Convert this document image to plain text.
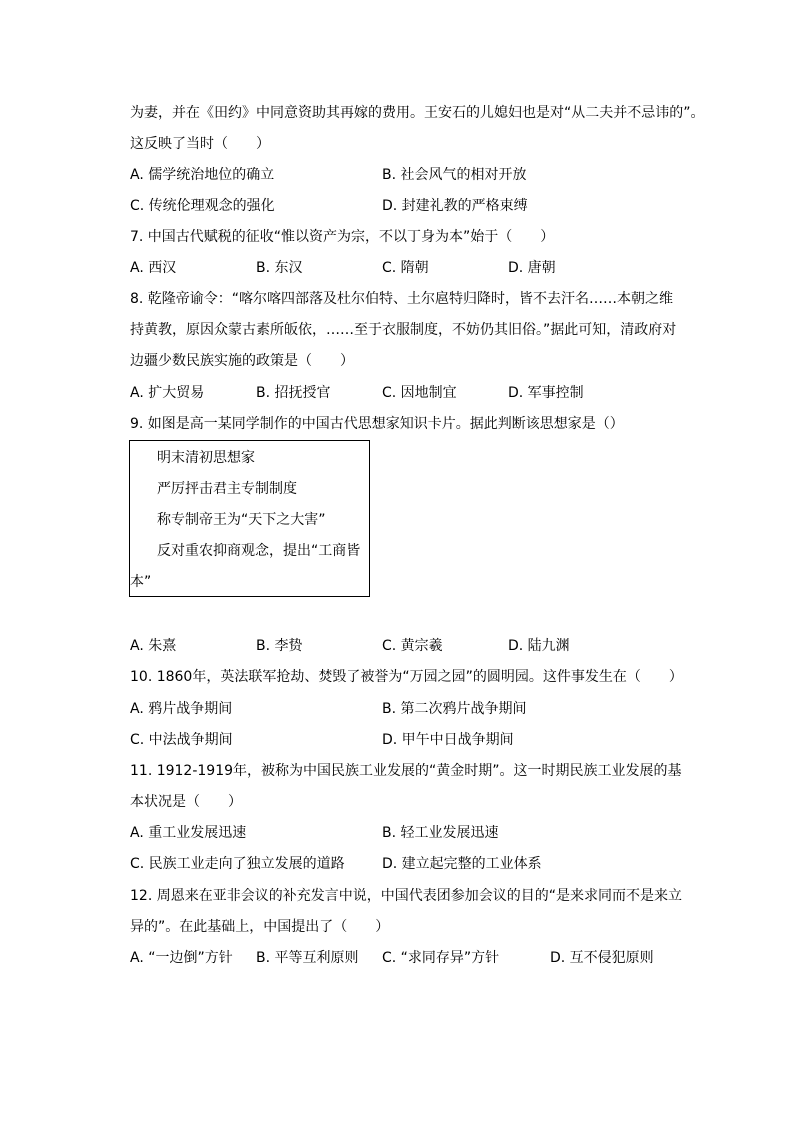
为妻，并在《田约》中同意资助其再嫁的费用。王安石的儿媳妇也是对“从二夫并不忌讳的”。
这反映了当时（　　）
A. 儒学统治地位的确立	B. 社会风气的相对开放
C. 传统伦理观念的强化	D. 封建礼教的严格束缚
7. 中国古代赋税的征收“惟以资产为宗，不以丁身为本”始于（　　）
A. 西汉	B. 东汉	C. 隋朝	D. 唐朝
8. 乾隆帝谕令：“喀尔喀四部落及杜尔伯特、土尔扈特归降时，皆不去汗名……本朝之维
持黄教，原因众蒙古素所皈依，……至于衣服制度，不妨仍其旧俗。”据此可知，清政府对
边疆少数民族实施的政策是（　　）
A. 扩大贸易	B. 招抚授官	C. 因地制宜	D. 军事控制
9. 如图是高一某同学制作的中国古代思想家知识卡片。据此判断该思想家是（）
明末清初思想家
严厉抨击君主专制制度
称专制帝王为“天下之大害”
反对重农抑商观念，提出“工商皆
本”
A. 朱熹	B. 李贽	C. 黄宗羲	D. 陆九渊
10. 1860年，英法联军抢劫、焚毁了被誉为“万园之园”的圆明园。这件事发生在（　　）
A. 鸦片战争期间	B. 第二次鸦片战争期间
C. 中法战争期间	D. 甲午中日战争期间
11. 1912-1919年，被称为中国民族工业发展的“黄金时期”。这一时期民族工业发展的基
本状况是（　　）
A. 重工业发展迅速	B. 轻工业发展迅速
C. 民族工业走向了独立发展的道路	D. 建立起完整的工业体系
12. 周恩来在亚非会议的补充发言中说，中国代表团参加会议的目的“是来求同而不是来立
异的”。在此基础上，中国提出了（　　）
A. “一边倒”方针 B. 平等互利原则 C. “求同存异”方针	D. 互不侵犯原则
